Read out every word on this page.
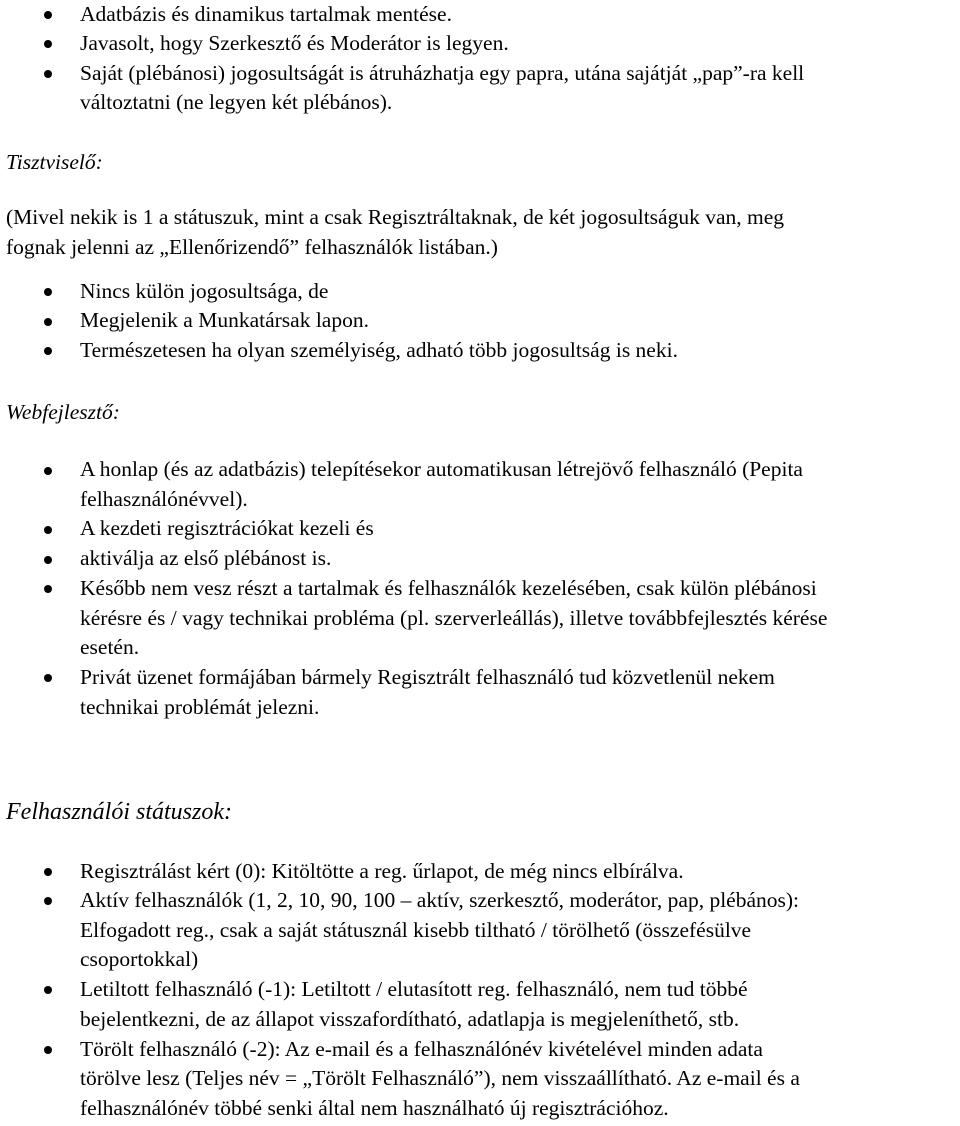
Adatbázis és dinamikus tartalmak mentése.
Javasolt, hogy Szerkesztő és Moderátor is legyen.
Saját (plébánosi) jogosultságát is átruházhatja egy papra, utána sajátját „pap”-ra kell
változtatni (ne legyen két plébános).
Tisztviselő:
(Mivel nekik is 1 a státuszuk, mint a csak Regisztráltaknak, de két jogosultságuk van, meg
fognak jelenni az „Ellenőrizendő” felhasználók listában.)
Nincs külön jogosultsága, de
Megjelenik a Munkatársak lapon.
Természetesen ha olyan személyiség, adható több jogosultság is neki.
Webfejlesztő:
A honlap (és az adatbázis) telepítésekor automatikusan létrejövő felhasználó (Pepita
felhasználónévvel).
A kezdeti regisztrációkat kezeli és
aktiválja az első plébánost is.
Később nem vesz részt a tartalmak és felhasználók kezelésében, csak külön plébánosi
kérésre és / vagy technikai probléma (pl. szerverleállás), illetve továbbfejlesztés kérése
esetén.
Privát üzenet formájában bármely Regisztrált felhasználó tud közvetlenül nekem
technikai problémát jelezni.
Felhasználói státuszok:
Regisztrálást kért (0): Kitöltötte a reg. űrlapot, de még nincs elbírálva.
Aktív felhasználók (1, 2, 10, 90, 100 – aktív, szerkesztő, moderátor, pap, plébános):
Elfogadott reg., csak a saját státusznál kisebb tiltható / törölhető (összefésülve
csoportokkal)
Letiltott felhasználó (-1): Letiltott / elutasított reg. felhasználó, nem tud többé
bejelentkezni, de az állapot visszafordítható, adatlapja is megjeleníthető, stb.
Törölt felhasználó (-2): Az e-mail és a felhasználónév kivételével minden adata
törölve lesz (Teljes név = „Törölt Felhasználó”), nem visszaállítható. Az e-mail és a
felhasználónév többé senki által nem használható új regisztrációhoz.
